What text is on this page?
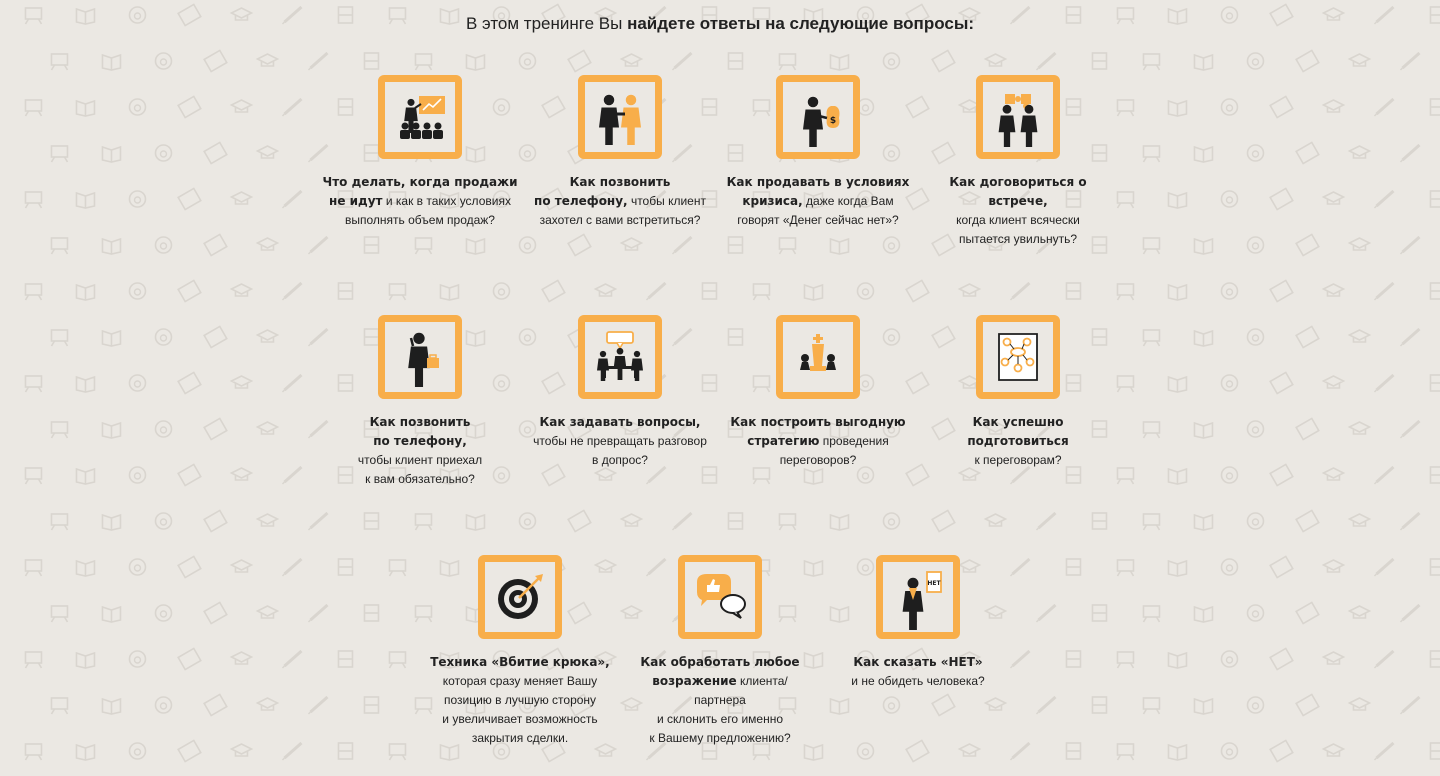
В этом тренинге Вы найдете ответы на следующие вопросы:
Что делать, когда продажи
не идут и как в таких условиях
выполнять объем продаж?
Как позвонить
по телефону, чтобы клиент
захотел с вами встретиться?
$
Как продавать в условиях
кризиса, даже когда Вам
говорят «Денег сейчас нет»?
Как договориться о
встрече,
когда клиент всячески
пытается увильнуть?
Как позвонить
по телефону,
чтобы клиент приехал
к вам обязательно?
Как задавать вопросы,
чтобы не превращать разговор
в допрос?
Как построить выгодную
стратегию проведения
переговоров?
Как успешно
подготовиться
к переговорам?
Техника «Вбитие крюка»,
которая сразу меняет Вашу
позицию в лучшую сторону
и увеличивает возможность
закрытия сделки.
Как обработать любое
возражение клиента/
партнера
и склонить его именно
к Вашему предложению?
НЕТ
Как сказать «НЕТ»
и не обидеть человека?
